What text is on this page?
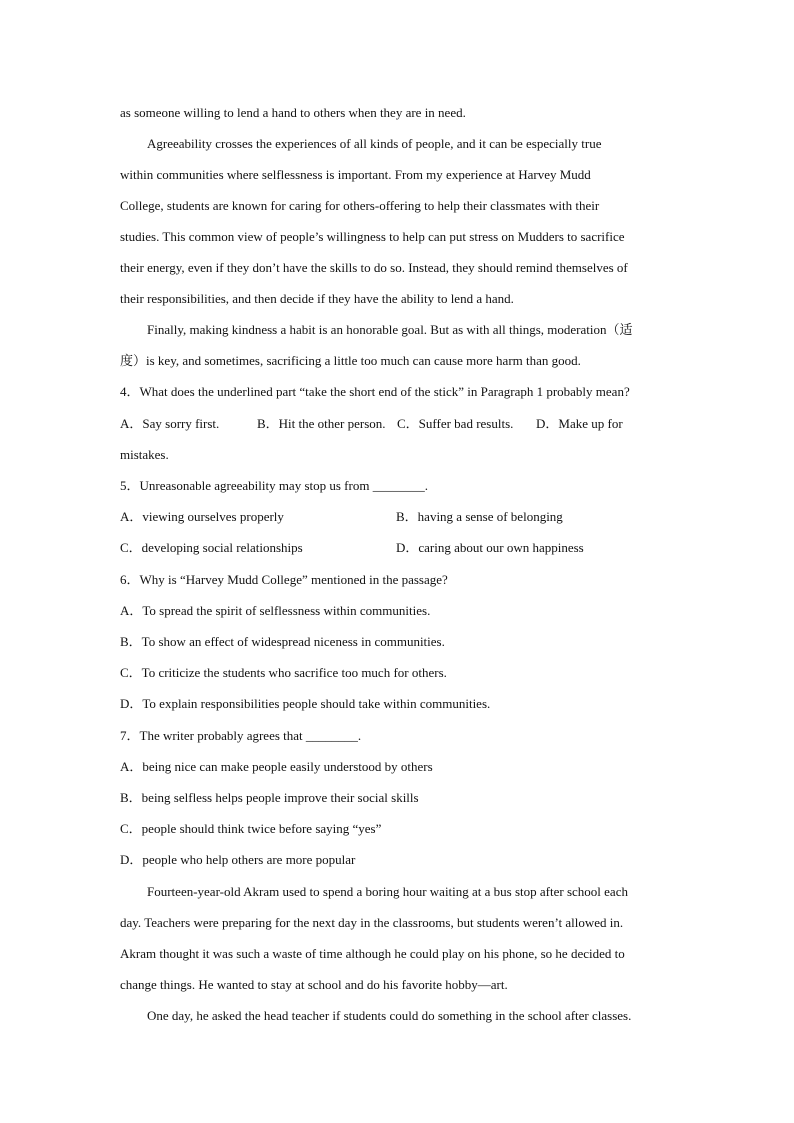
as someone willing to lend a hand to others when they are in need.
Agreeability crosses the experiences of all kinds of people, and it can be especially true
within communities where selflessness is important. From my experience at Harvey Mudd
College, students are known for caring for others-offering to help their classmates with their
studies. This common view of people’s willingness to help can put stress on Mudders to sacrifice
their energy, even if they don’t have the skills to do so. Instead, they should remind themselves of
their responsibilities, and then decide if they have the ability to lend a hand.
Finally, making kindness a habit is an honorable goal. But as with all things, moderation（适
度）is key, and sometimes, sacrificing a little too much can cause more harm than good.
4．What does the underlined part “take the short end of the stick” in Paragraph 1 probably mean?
A．Say sorry first.	B．Hit the other person. C．Suffer bad results. D．Make up for
mistakes.
5．Unreasonable agreeability may stop us from ________.
A．viewing ourselves properly	B．having a sense of belonging
C．developing social relationships	D．caring about our own happiness
6．Why is “Harvey Mudd College” mentioned in the passage?
A．To spread the spirit of selflessness within communities.
B．To show an effect of widespread niceness in communities.
C．To criticize the students who sacrifice too much for others.
D．To explain responsibilities people should take within communities.
7．The writer probably agrees that ________.
A．being nice can make people easily understood by others
B．being selfless helps people improve their social skills
C．people should think twice before saying “yes”
D．people who help others are more popular
Fourteen-year-old Akram used to spend a boring hour waiting at a bus stop after school each
day. Teachers were preparing for the next day in the classrooms, but students weren’t allowed in.
Akram thought it was such a waste of time although he could play on his phone, so he decided to
change things. He wanted to stay at school and do his favorite hobby—art.
One day, he asked the head teacher if students could do something in the school after classes.
